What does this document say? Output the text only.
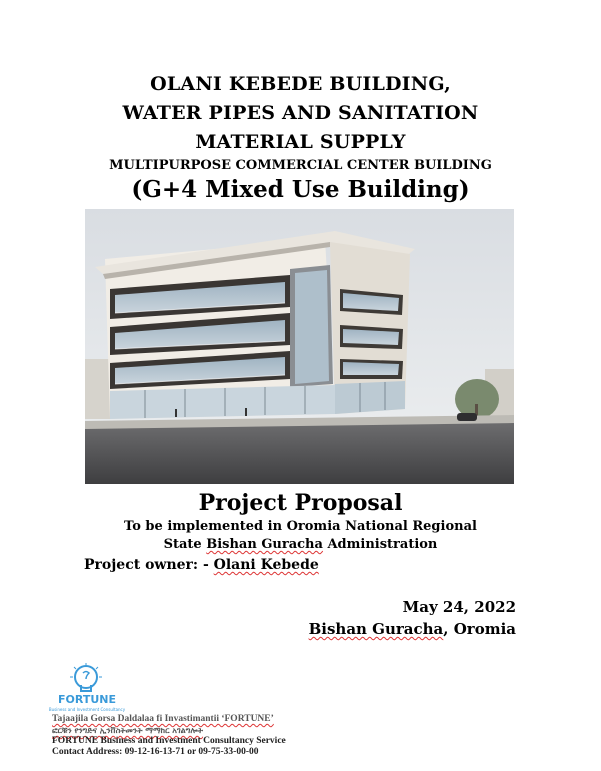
OLANI KEBEDE BUILDING,
WATER PIPES AND SANITATION
MATERIAL SUPPLY
MULTIPURPOSE COMMERCIAL CENTER BUILDING
(G+4 Mixed Use Building)
Project Proposal
To be implemented in Oromia National Regional
State Bishan Guracha Administration
Project owner: - Olani Kebede
May 24, 2022
Bishan Guracha, Oromia
FORTUNE
Business and Investment Consultancy
Tajaajila Gorsa Daldalaa fi Invastimantii ‘FORTUNE’
ፎርቹን የንግድና ኢንቨስትመንት ማማከር አገልግሎት
FORTUNE Business and Investment Consultancy Service
Contact Address: 09-12-16-13-71 or 09-75-33-00-00
